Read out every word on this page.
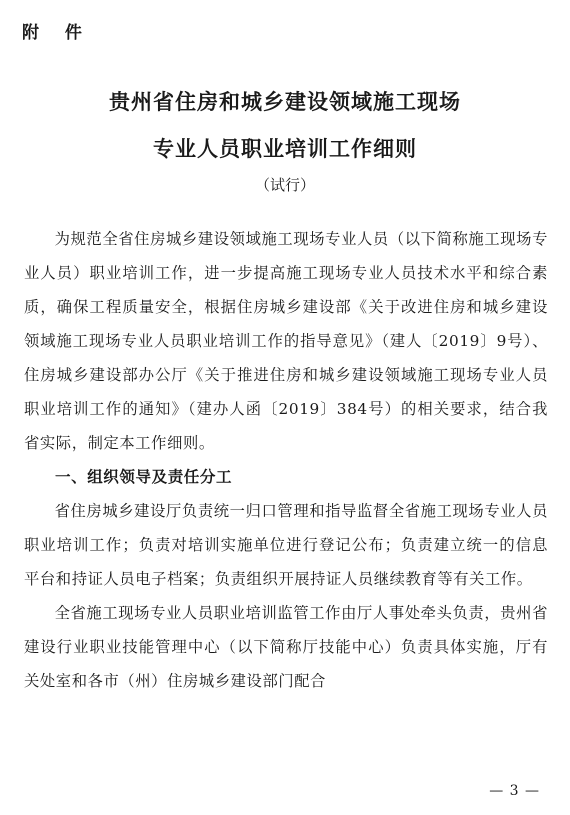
附 件
贵州省住房和城乡建设领域施工现场
专业人员职业培训工作细则
（试行）

为规范全省住房城乡建设领域施工现场专业人员（以下简称施工现场专业人员）职业培训工作，进一步提高施工现场专业人员技术水平和综合素质，确保工程质量安全，根据住房城乡建设部《关于改进住房和城乡建设领域施工现场专业人员职业培训工作的指导意见》（建人〔2019〕9号）、住房城乡建设部办公厅《关于推进住房和城乡建设领域施工现场专业人员职业培训工作的通知》（建办人函〔2019〕384号）的相关要求，结合我省实际，制定本工作细则。

一、组织领导及责任分工

省住房城乡建设厅负责统一归口管理和指导监督全省施工现场专业人员职业培训工作；负责对培训实施单位进行登记公布；负责建立统一的信息平台和持证人员电子档案；负责组织开展持证人员继续教育等有关工作。

全省施工现场专业人员职业培训监管工作由厅人事处牵头负责，贵州省建设行业职业技能管理中心（以下简称厅技能中心）负责具体实施，厅有关处室和各市（州）住房城乡建设部门配合

— 3 —
